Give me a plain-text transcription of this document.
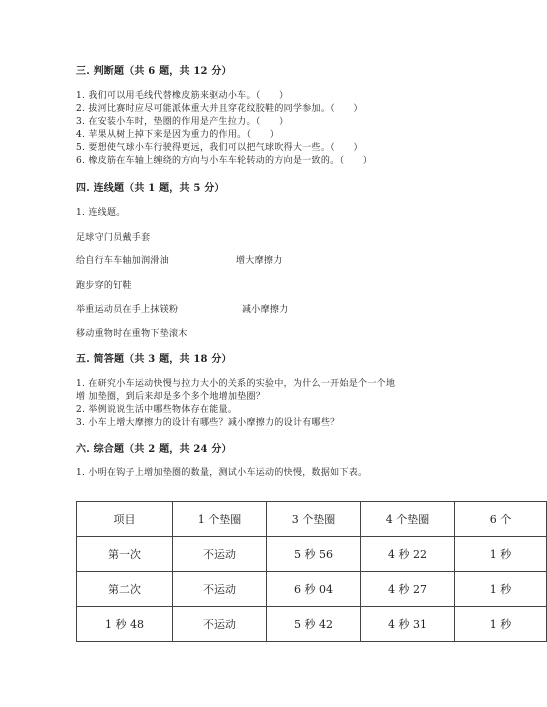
三. 判断题（共 6 题，共 12 分）
1. 我们可以用毛线代替橡皮筋来驱动小车。（　　）
2. 拔河比赛时应尽可能派体重大并且穿花纹胶鞋的同学参加。（　　）
3. 在安装小车时，垫圈的作用是产生拉力。（　　）
4. 苹果从树上掉下来是因为重力的作用。（　　）
5. 要想使气球小车行驶得更远，我们可以把气球吹得大一些。（　　）
6. 橡皮筋在车轴上缠绕的方向与小车车轮转动的方向是一致的。（　　）
四. 连线题（共 1 题，共 5 分）
1. 连线题。
足球守门员戴手套
给自行车车轴加润滑油	增大摩擦力
跑步穿的钉鞋
举重运动员在手上抹镁粉	减小摩擦力
移动重物时在重物下垫滚木
五. 简答题（共 3 题，共 18 分）
1. 在研究小车运动快慢与拉力大小的关系的实验中，为什么一开始是个一个地
增 加垫圈，到后来却是多个多个地增加垫圈？
2. 举例说说生活中哪些物体存在能量。
3. 小车上增大摩擦力的设计有哪些？减小摩擦力的设计有哪些？
六. 综合题（共 2 题，共 24 分）
1. 小明在钩子上增加垫圈的数量，测试小车运动的快慢，数据如下表。
项目	1 个垫圈	3 个垫圈	4 个垫圈	6 个
第一次	不运动	5 秒 56	4 秒 22	1 秒
第二次	不运动	6 秒 04	4 秒 27	1 秒
1 秒 48	不运动	5 秒 42	4 秒 31	1 秒
